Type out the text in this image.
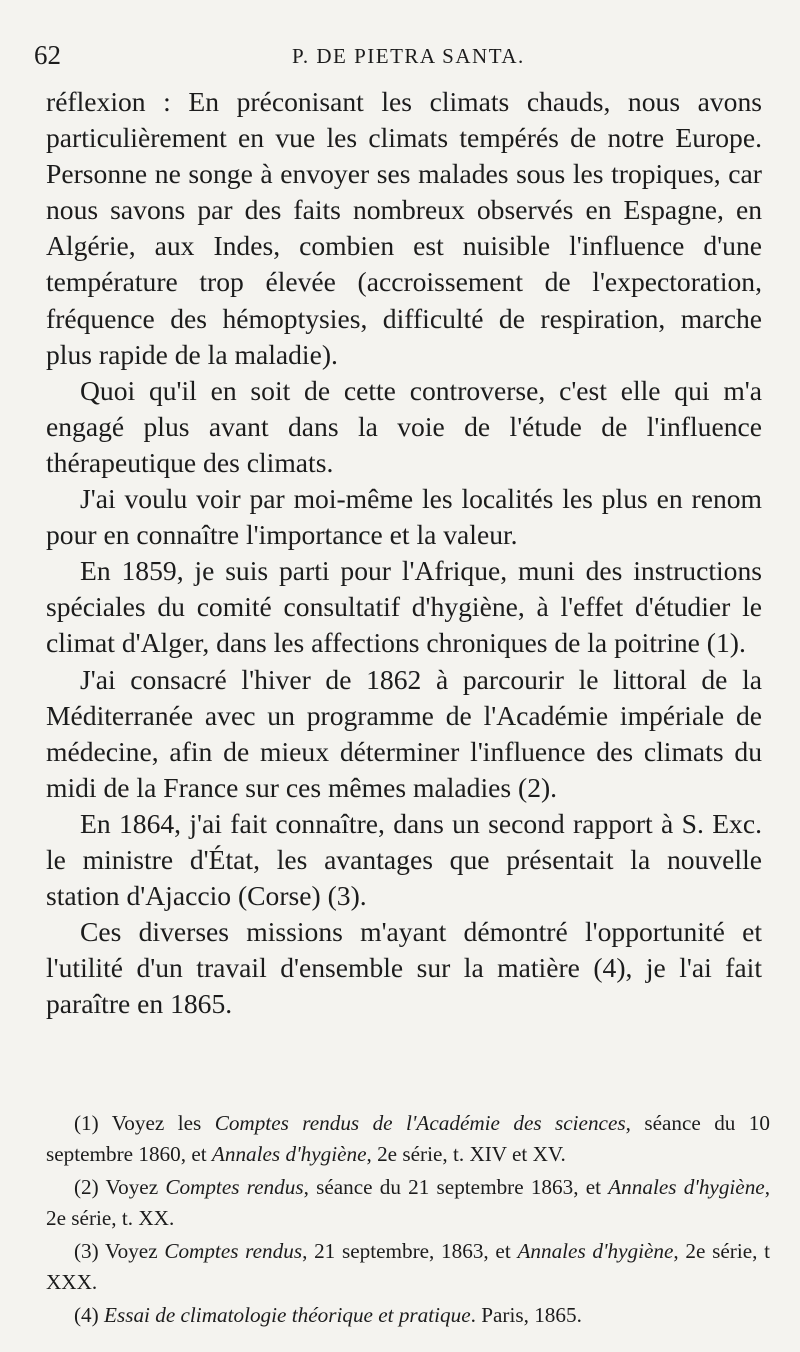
62	P. DE PIETRA SANTA.

réflexion : En préconisant les climats chauds, nous avons particulièrement en vue les climats tempérés de notre Europe. Personne ne songe à envoyer ses malades sous les tropiques, car nous savons par des faits nombreux observés en Espagne, en Algérie, aux Indes, combien est nuisible l'influence d'une température trop élevée (accroissement de l'expectoration, fréquence des hémoptysies, difficulté de respiration, marche plus rapide de la maladie).

Quoi qu'il en soit de cette controverse, c'est elle qui m'a engagé plus avant dans la voie de l'étude de l'influence thérapeutique des climats.

J'ai voulu voir par moi-même les localités les plus en renom pour en connaître l'importance et la valeur.

En 1859, je suis parti pour l'Afrique, muni des instructions spéciales du comité consultatif d'hygiène, à l'effet d'étudier le climat d'Alger, dans les affections chroniques de la poitrine (1).

J'ai consacré l'hiver de 1862 à parcourir le littoral de la Méditerranée avec un programme de l'Académie impériale de médecine, afin de mieux déterminer l'influence des climats du midi de la France sur ces mêmes maladies (2).

En 1864, j'ai fait connaître, dans un second rapport à S. Exc. le ministre d'État, les avantages que présentait la nouvelle station d'Ajaccio (Corse) (3).

Ces diverses missions m'ayant démontré l'opportunité et l'utilité d'un travail d'ensemble sur la matière (4), je l'ai fait paraître en 1865.

(1) Voyez les Comptes rendus de l'Académie des sciences, séance du 10 septembre 1860, et Annales d'hygiène, 2e série, t. XIV et XV.

(2) Voyez Comptes rendus, séance du 21 septembre 1863, et Annales d'hygiène, 2e série, t. XX.

(3) Voyez Comptes rendus, 21 septembre, 1863, et Annales d'hygiène, 2e série, t XXX.

(4) Essai de climatologie théorique et pratique. Paris, 1865.
